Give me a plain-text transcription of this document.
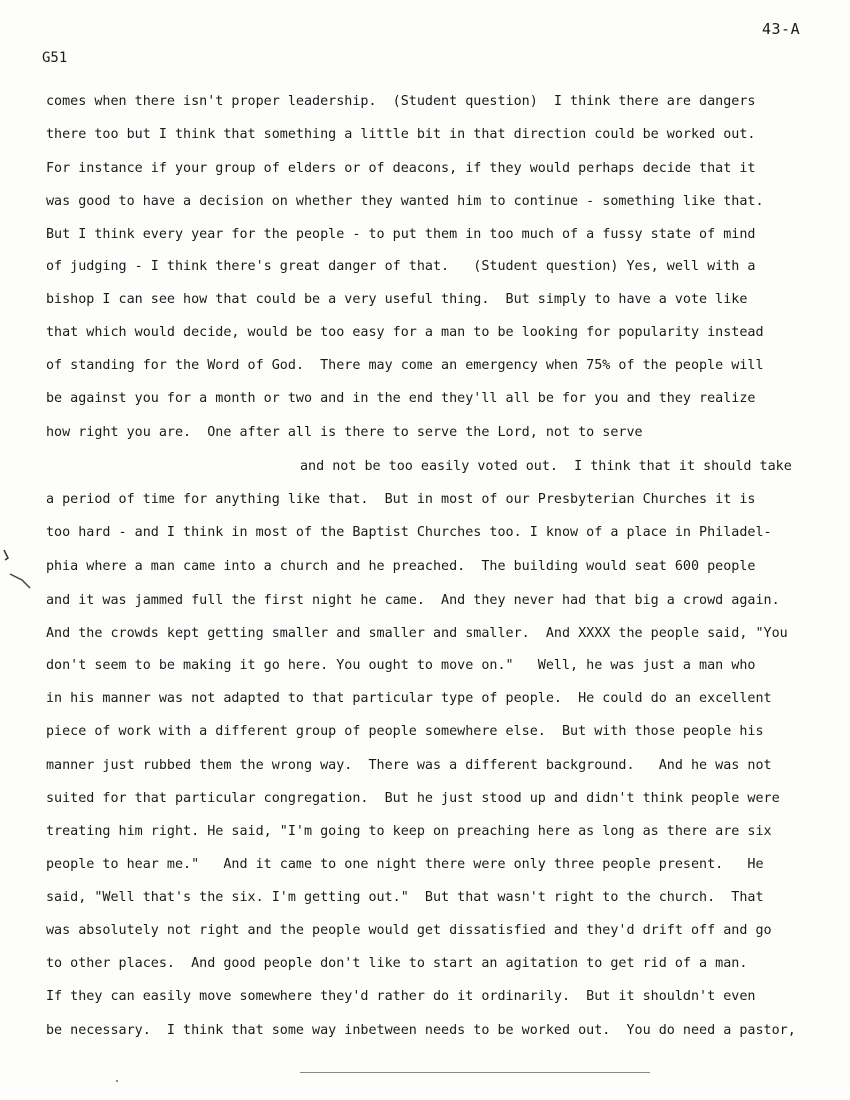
43-A
G51
comes when there isn't proper leadership.  (Student question)  I think there are dangers
there too but I think that something a little bit in that direction could be worked out.
For instance if your group of elders or of deacons, if they would perhaps decide that it
was good to have a decision on whether they wanted him to continue - something like that.
But I think every year for the people - to put them in too much of a fussy state of mind
of judging - I think there's great danger of that.   (Student question) Yes, well with a
bishop I can see how that could be a very useful thing.  But simply to have a vote like
that which would decide, would be too easy for a man to be looking for popularity instead
of standing for the Word of God.  There may come an emergency when 75% of the people will
be against you for a month or two and in the end they'll all be for you and they realize
how right you are.  One after all is there to serve the Lord, not to serve
and not be too easily voted out.  I think that it should take
a period of time for anything like that.  But in most of our Presbyterian Churches it is
too hard - and I think in most of the Baptist Churches too. I know of a place in Philadel-
phia where a man came into a church and he preached.  The building would seat 600 people
and it was jammed full the first night he came.  And they never had that big a crowd again.
And the crowds kept getting smaller and smaller and smaller.  And XXXX the people said, "You
don't seem to be making it go here. You ought to move on."   Well, he was just a man who
in his manner was not adapted to that particular type of people.  He could do an excellent
piece of work with a different group of people somewhere else.  But with those people his
manner just rubbed them the wrong way.  There was a different background.   And he was not
suited for that particular congregation.  But he just stood up and didn't think people were
treating him right. He said, "I'm going to keep on preaching here as long as there are six
people to hear me."   And it came to one night there were only three people present.   He
said, "Well that's the six. I'm getting out."  But that wasn't right to the church.  That
was absolutely not right and the people would get dissatisfied and they'd drift off and go
to other places.  And good people don't like to start an agitation to get rid of a man.
If they can easily move somewhere they'd rather do it ordinarily.  But it shouldn't even
be necessary.  I think that some way inbetween needs to be worked out.  You do need a pastor,
